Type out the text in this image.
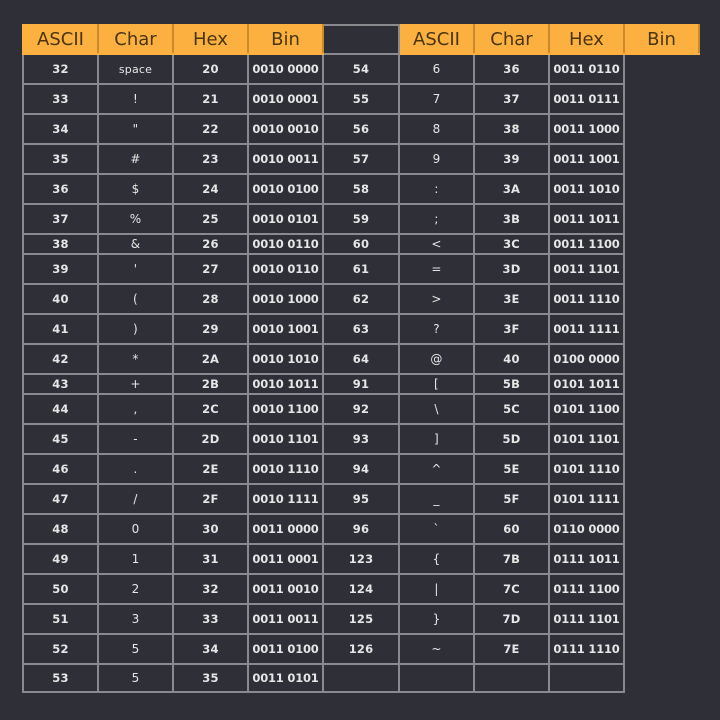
ASCII	Char	Hex	Bin		ASCII	Char	Hex	Bin
32	space	20	0010 0000	54	6	36	0011 0110	
33	!	21	0010 0001	55	7	37	0011 0111	
34	"	22	0010 0010	56	8	38	0011 1000	
35	#	23	0010 0011	57	9	39	0011 1001	
36	$	24	0010 0100	58	:	3A	0011 1010	
37	%	25	0010 0101	59	;	3B	0011 1011	
38	&	26	0010 0110	60	<	3C	0011 1100	
39	'	27	0010 0110	61	=	3D	0011 1101	
40	(	28	0010 1000	62	>	3E	0011 1110	
41	)	29	0010 1001	63	?	3F	0011 1111	
42	*	2A	0010 1010	64	@	40	0100 0000	
43	+	2B	0010 1011	91	[	5B	0101 1011	
44	,	2C	0010 1100	92	\	5C	0101 1100	
45	-	2D	0010 1101	93	]	5D	0101 1101	
46	.	2E	0010 1110	94	^	5E	0101 1110	
47	/	2F	0010 1111	95	_	5F	0101 1111	
48	0	30	0011 0000	96	`	60	0110 0000	
49	1	31	0011 0001	123	{	7B	0111 1011	
50	2	32	0011 0010	124	|	7C	0111 1100	
51	3	33	0011 0011	125	}	7D	0111 1101	
52	5	34	0011 0100	126	~	7E	0111 1110	
53	5	35	0011 0101					
